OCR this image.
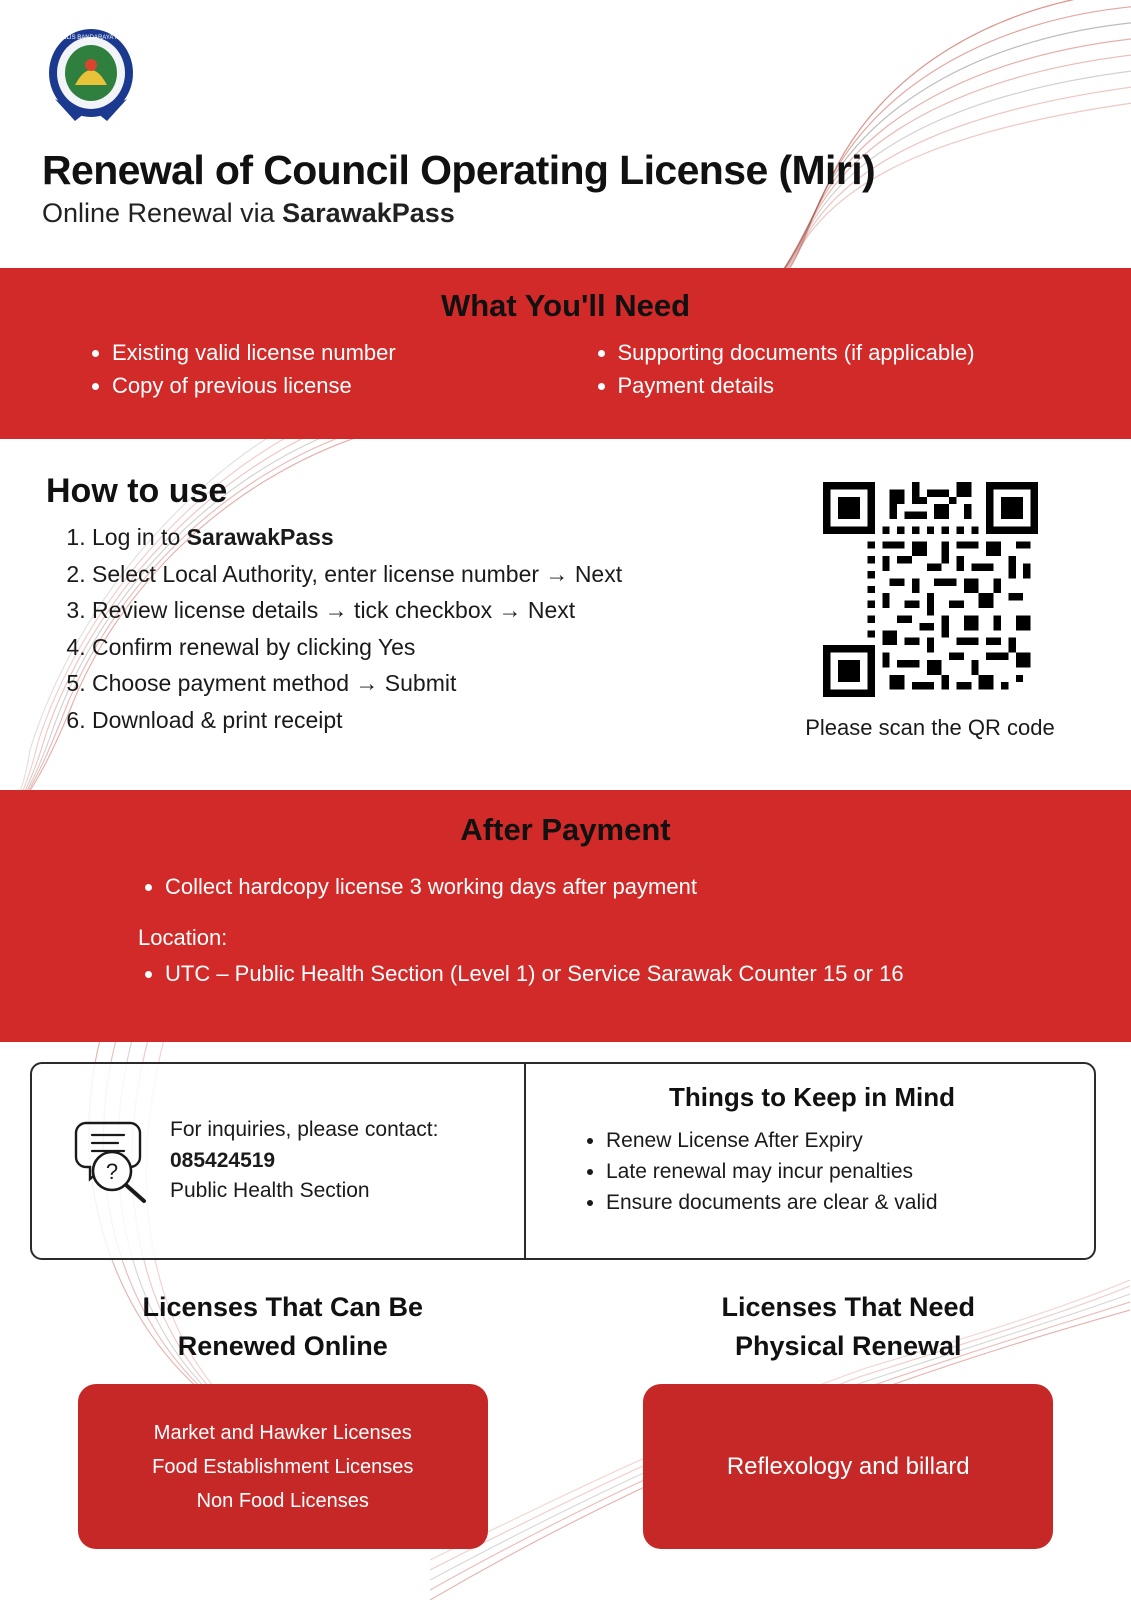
MAJLIS BANDARAYA MIRI
Renewal of Council Operating License (Miri)

Online Renewal via SarawakPass

What You'll Need
• Existing valid license number
• Copy of previous license
• Supporting documents (if applicable)
• Payment details
How to use
1. Log in to SarawakPass
2. Select Local Authority, enter license number → Next
3. Review license details → tick checkbox → Next
4. Confirm renewal by clicking Yes
5. Choose payment method → Submit
6. Download & print receipt	Please scan the QR code
After Payment
• Collect hardcopy license 3 working days after payment
Location:
• UTC – Public Health Section (Level 1) or Service Sarawak Counter 15 or 16
?
For inquiries, please contact:
085424519
Public Health Section
Things to Keep in Mind
• Renew License After Expiry
• Late renewal may incur penalties
• Ensure documents are clear & valid
Licenses That Can Be
Renewed Online
Market and Hawker Licenses
Food Establishment Licenses
Non Food Licenses
Licenses That Need
Physical Renewal
Reflexology and billard
